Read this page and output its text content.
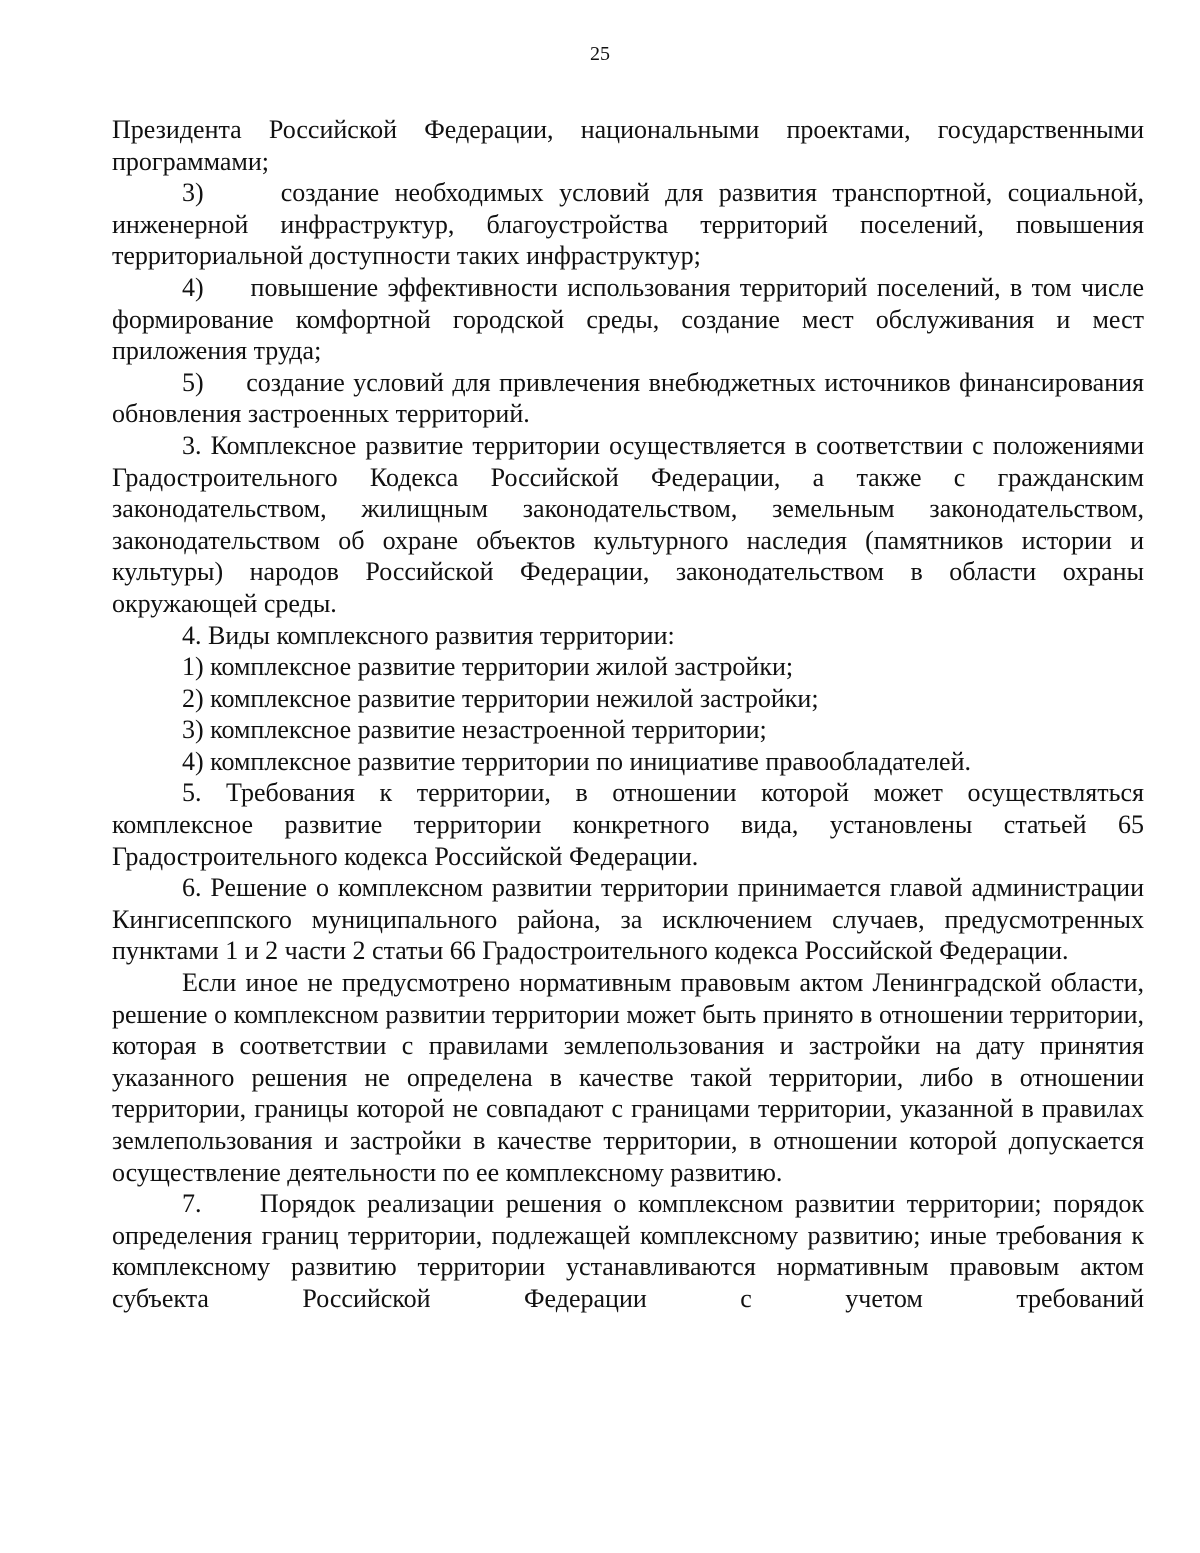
25

Президента Российской Федерации, национальными проектами, государственными программами;

3)     создание необходимых условий для развития транспортной, социальной, инженерной инфраструктур, благоустройства территорий поселений, повышения территориальной доступности таких инфраструктур;

4)     повышение эффективности использования территорий поселений, в том числе формирование комфортной городской среды, создание мест обслуживания и мест приложения труда;

5)     создание условий для привлечения внебюджетных источников финансирования обновления застроенных территорий.

3. Комплексное развитие территории осуществляется в соответствии с положениями Градостроительного Кодекса Российской Федерации, а также с гражданским законодательством, жилищным законодательством, земельным законодательством, законодательством об охране объектов культурного наследия (памятников истории и культуры) народов Российской Федерации, законодательством в области охраны окружающей среды.

4. Виды комплексного развития территории:

1) комплексное развитие территории жилой застройки;

2) комплексное развитие территории нежилой застройки;

3) комплексное развитие незастроенной территории;

4) комплексное развитие территории по инициативе правообладателей.

5. Требования к территории, в отношении которой может осуществляться комплексное развитие территории конкретного вида, установлены статьей 65 Градостроительного кодекса Российской Федерации.

6. Решение о комплексном развитии территории принимается главой администрации Кингисеппского муниципального района, за исключением случаев, предусмотренных пунктами 1 и 2 части 2 статьи 66 Градостроительного кодекса Российской Федерации.

Если иное не предусмотрено нормативным правовым актом Ленинградской области, решение о комплексном развитии территории может быть принято в отношении территории, которая в соответствии с правилами землепользования и застройки на дату принятия указанного решения не определена в качестве такой территории, либо в отношении территории, границы которой не совпадают с границами территории, указанной в правилах землепользования и застройки в качестве территории, в отношении которой допускается осуществление деятельности по ее комплексному развитию.

7.     Порядок реализации решения о комплексном развитии территории; порядок определения границ территории, подлежащей комплексному развитию; иные требования к комплексному развитию территории устанавливаются нормативным правовым актом субъекта Российской Федерации с учетом требований
